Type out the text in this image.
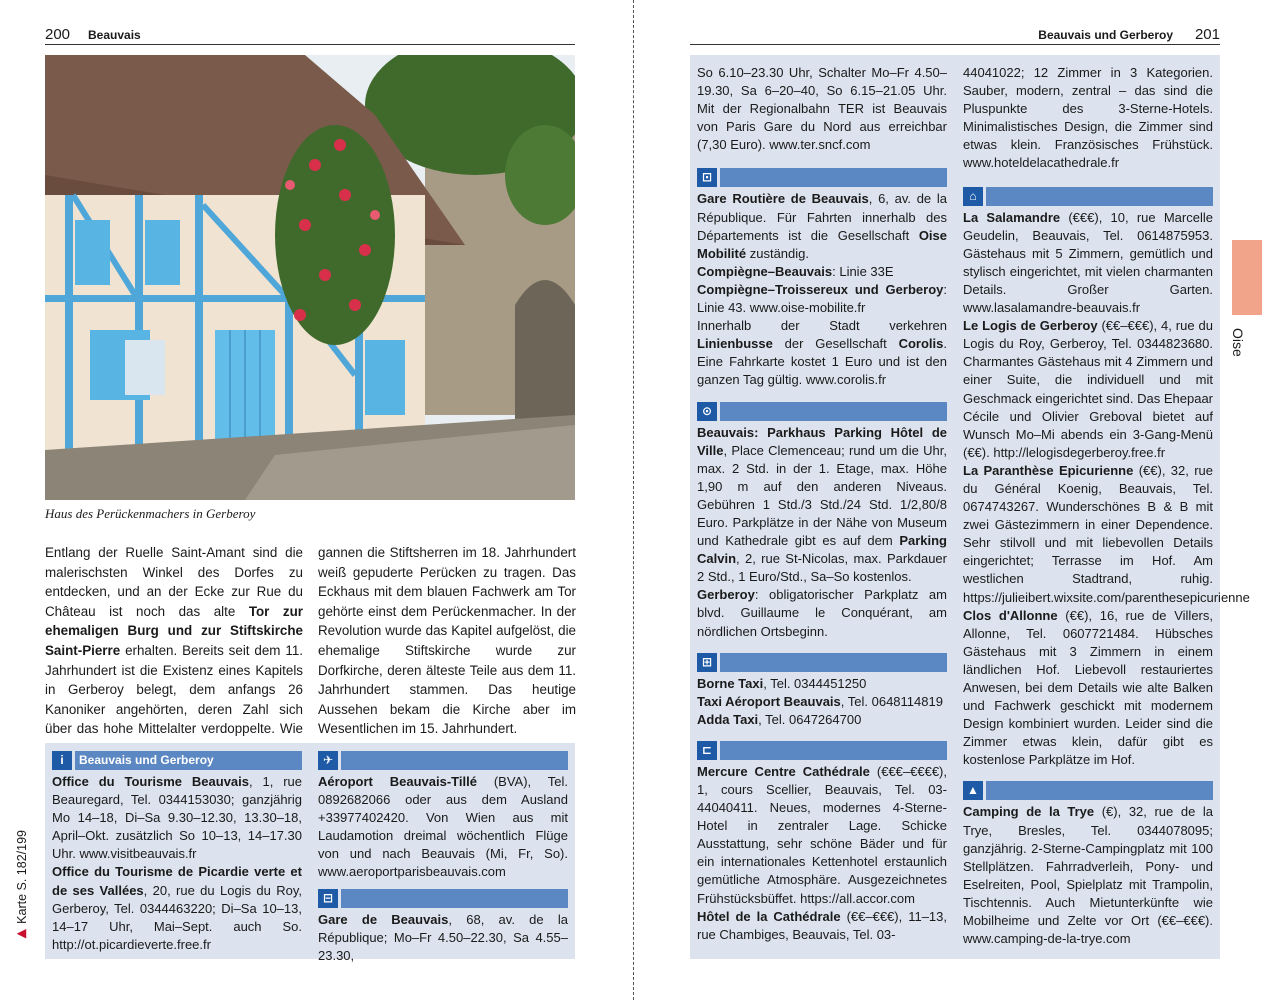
200 Beauvais
Haus des Perückenmachers in Gerberoy

Entlang der Ruelle Saint-Amant sind die malerischsten Winkel des Dorfes zu entdecken, und an der Ecke zur Rue du Château ist noch das alte Tor zur ehemaligen Burg und zur Stiftskirche Saint-Pierre erhalten. Bereits seit dem 11. Jahrhundert ist die Existenz eines Kapitels in Gerberoy belegt, dem anfangs 26 Kanoniker angehörten, deren Zahl sich über das hohe Mittelalter verdoppelte. Wie

gannen die Stiftsherren im 18. Jahrhundert weiß gepuderte Perücken zu tragen. Das Eckhaus mit dem blauen Fachwerk am Tor gehörte einst dem Perückenmacher. In der Revolution wurde das Kapitel aufgelöst, die ehemalige Stiftskirche wurde zur Dorfkirche, deren älteste Teile aus dem 11. Jahrhundert stammen. Das heutige Aussehen bekam die Kirche aber im Wesentlichen im 15. Jahrhundert.

i	Beauvais und Gerberoy

Office du Tourisme Beauvais, 1, rue Beauregard, Tel. 0344153030; ganzjährig Mo 14–18, Di–Sa 9.30–12.30, 13.30–18, April–Okt. zusätzlich So 10–13, 14–17.30 Uhr. www.visitbeauvais.fr

Office du Tourisme de Picardie verte et de ses Vallées, 20, rue du Logis du Roy, Gerberoy, Tel. 0344463220; Di–Sa 10–13, 14–17 Uhr, Mai–Sept. auch So. http://ot.picardieverte.free.fr

✈

Aéroport Beauvais-Tillé (BVA), Tel. 0892682066 oder aus dem Ausland +33977402420. Von Wien aus mit Laudamotion dreimal wöchentlich Flüge von und nach Beauvais (Mi, Fr, So). www.aeroportparisbeauvais.com

⊟

Gare de Beauvais, 68, av. de la République; Mo–Fr 4.50–22.30, Sa 4.55–23.30,

▶ Karte S. 182/199
Beauvais und Gerberoy 201

So 6.10–23.30 Uhr, Schalter Mo–Fr 4.50–19.30, Sa 6–20–40, So 6.15–21.05 Uhr. Mit der Regionalbahn TER ist Beauvais von Paris Gare du Nord aus erreichbar (7,30 Euro). www.ter.sncf.com

⊡

Gare Routière de Beauvais, 6, av. de la République. Für Fahrten innerhalb des Départements ist die Gesellschaft Oise Mobilité zuständig.

Compiègne–Beauvais: Linie 33E

Compiègne–Troissereux und Gerberoy: Linie 43. www.oise-mobilite.fr

Innerhalb der Stadt verkehren Linienbusse der Gesellschaft Corolis. Eine Fahrkarte kostet 1 Euro und ist den ganzen Tag gültig. www.corolis.fr

⊙

Beauvais: Parkhaus Parking Hôtel de Ville, Place Clemenceau; rund um die Uhr, max. 2 Std. in der 1. Etage, max. Höhe 1,90 m auf den anderen Niveaus. Gebühren 1 Std./3 Std./24 Std. 1/2,80/8 Euro. Parkplätze in der Nähe von Museum und Kathedrale gibt es auf dem Parking Calvin, 2, rue St-Nicolas, max. Parkdauer 2 Std., 1 Euro/Std., Sa–So kostenlos.

Gerberoy: obligatorischer Parkplatz am blvd. Guillaume le Conquérant, am nördlichen Ortsbeginn.

⊞

Borne Taxi, Tel. 0344451250

Taxi Aéroport Beauvais, Tel. 0648114819

Adda Taxi, Tel. 0647264700

⊏

Mercure Centre Cathédrale (€€€–€€€€), 1, cours Scellier, Beauvais, Tel. 03-44040411. Neues, modernes 4-Sterne-Hotel in zentraler Lage. Schicke Ausstattung, sehr schöne Bäder und für ein internationales Kettenhotel erstaunlich gemütliche Atmosphäre. Ausgezeichnetes Frühstücksbüffet. https://all.accor.com

Hôtel de la Cathédrale (€€–€€€), 11–13, rue Chambiges, Beauvais, Tel. 03-

44041022; 12 Zimmer in 3 Kategorien. Sauber, modern, zentral – das sind die Pluspunkte des 3-Sterne-Hotels. Minimalistisches Design, die Zimmer sind etwas klein. Französisches Frühstück. www.hoteldelacathedrale.fr

⌂

La Salamandre (€€€), 10, rue Marcelle Geudelin, Beauvais, Tel. 0614875953. Gästehaus mit 5 Zimmern, gemütlich und stylisch eingerichtet, mit vielen charmanten Details. Großer Garten. www.lasalamandre-beauvais.fr

Le Logis de Gerberoy (€€–€€€), 4, rue du Logis du Roy, Gerberoy, Tel. 0344823680. Charmantes Gästehaus mit 4 Zimmern und einer Suite, die individuell und mit Geschmack eingerichtet sind. Das Ehepaar Cécile und Olivier Greboval bietet auf Wunsch Mo–Mi abends ein 3-Gang-Menü (€€). http://lelogisdegerberoy.free.fr

La Paranthèse Epicurienne (€€), 32, rue du Général Koenig, Beauvais, Tel. 0674743267. Wunderschönes B & B mit zwei Gästezimmern in einer Dependence. Sehr stilvoll und mit liebevollen Details eingerichtet; Terrasse im Hof. Am westlichen Stadtrand, ruhig. https://julieibert.wixsite.com/parenthesepicurienne

Clos d'Allonne (€€), 16, rue de Villers, Allonne, Tel. 0607721484. Hübsches Gästehaus mit 3 Zimmern in einem ländlichen Hof. Liebevoll restauriertes Anwesen, bei dem Details wie alte Balken und Fachwerk geschickt mit modernem Design kombiniert wurden. Leider sind die Zimmer etwas klein, dafür gibt es kostenlose Parkplätze im Hof.

▲

Camping de la Trye (€), 32, rue de la Trye, Bresles, Tel. 0344078095; ganzjährig. 2-Sterne-Campingplatz mit 100 Stellplätzen. Fahrradverleih, Pony- und Eselreiten, Pool, Spielplatz mit Trampolin, Tischtennis. Auch Mietunterkünfte wie Mobilheime und Zelte vor Ort (€€–€€€). www.camping-de-la-trye.com

Oise
